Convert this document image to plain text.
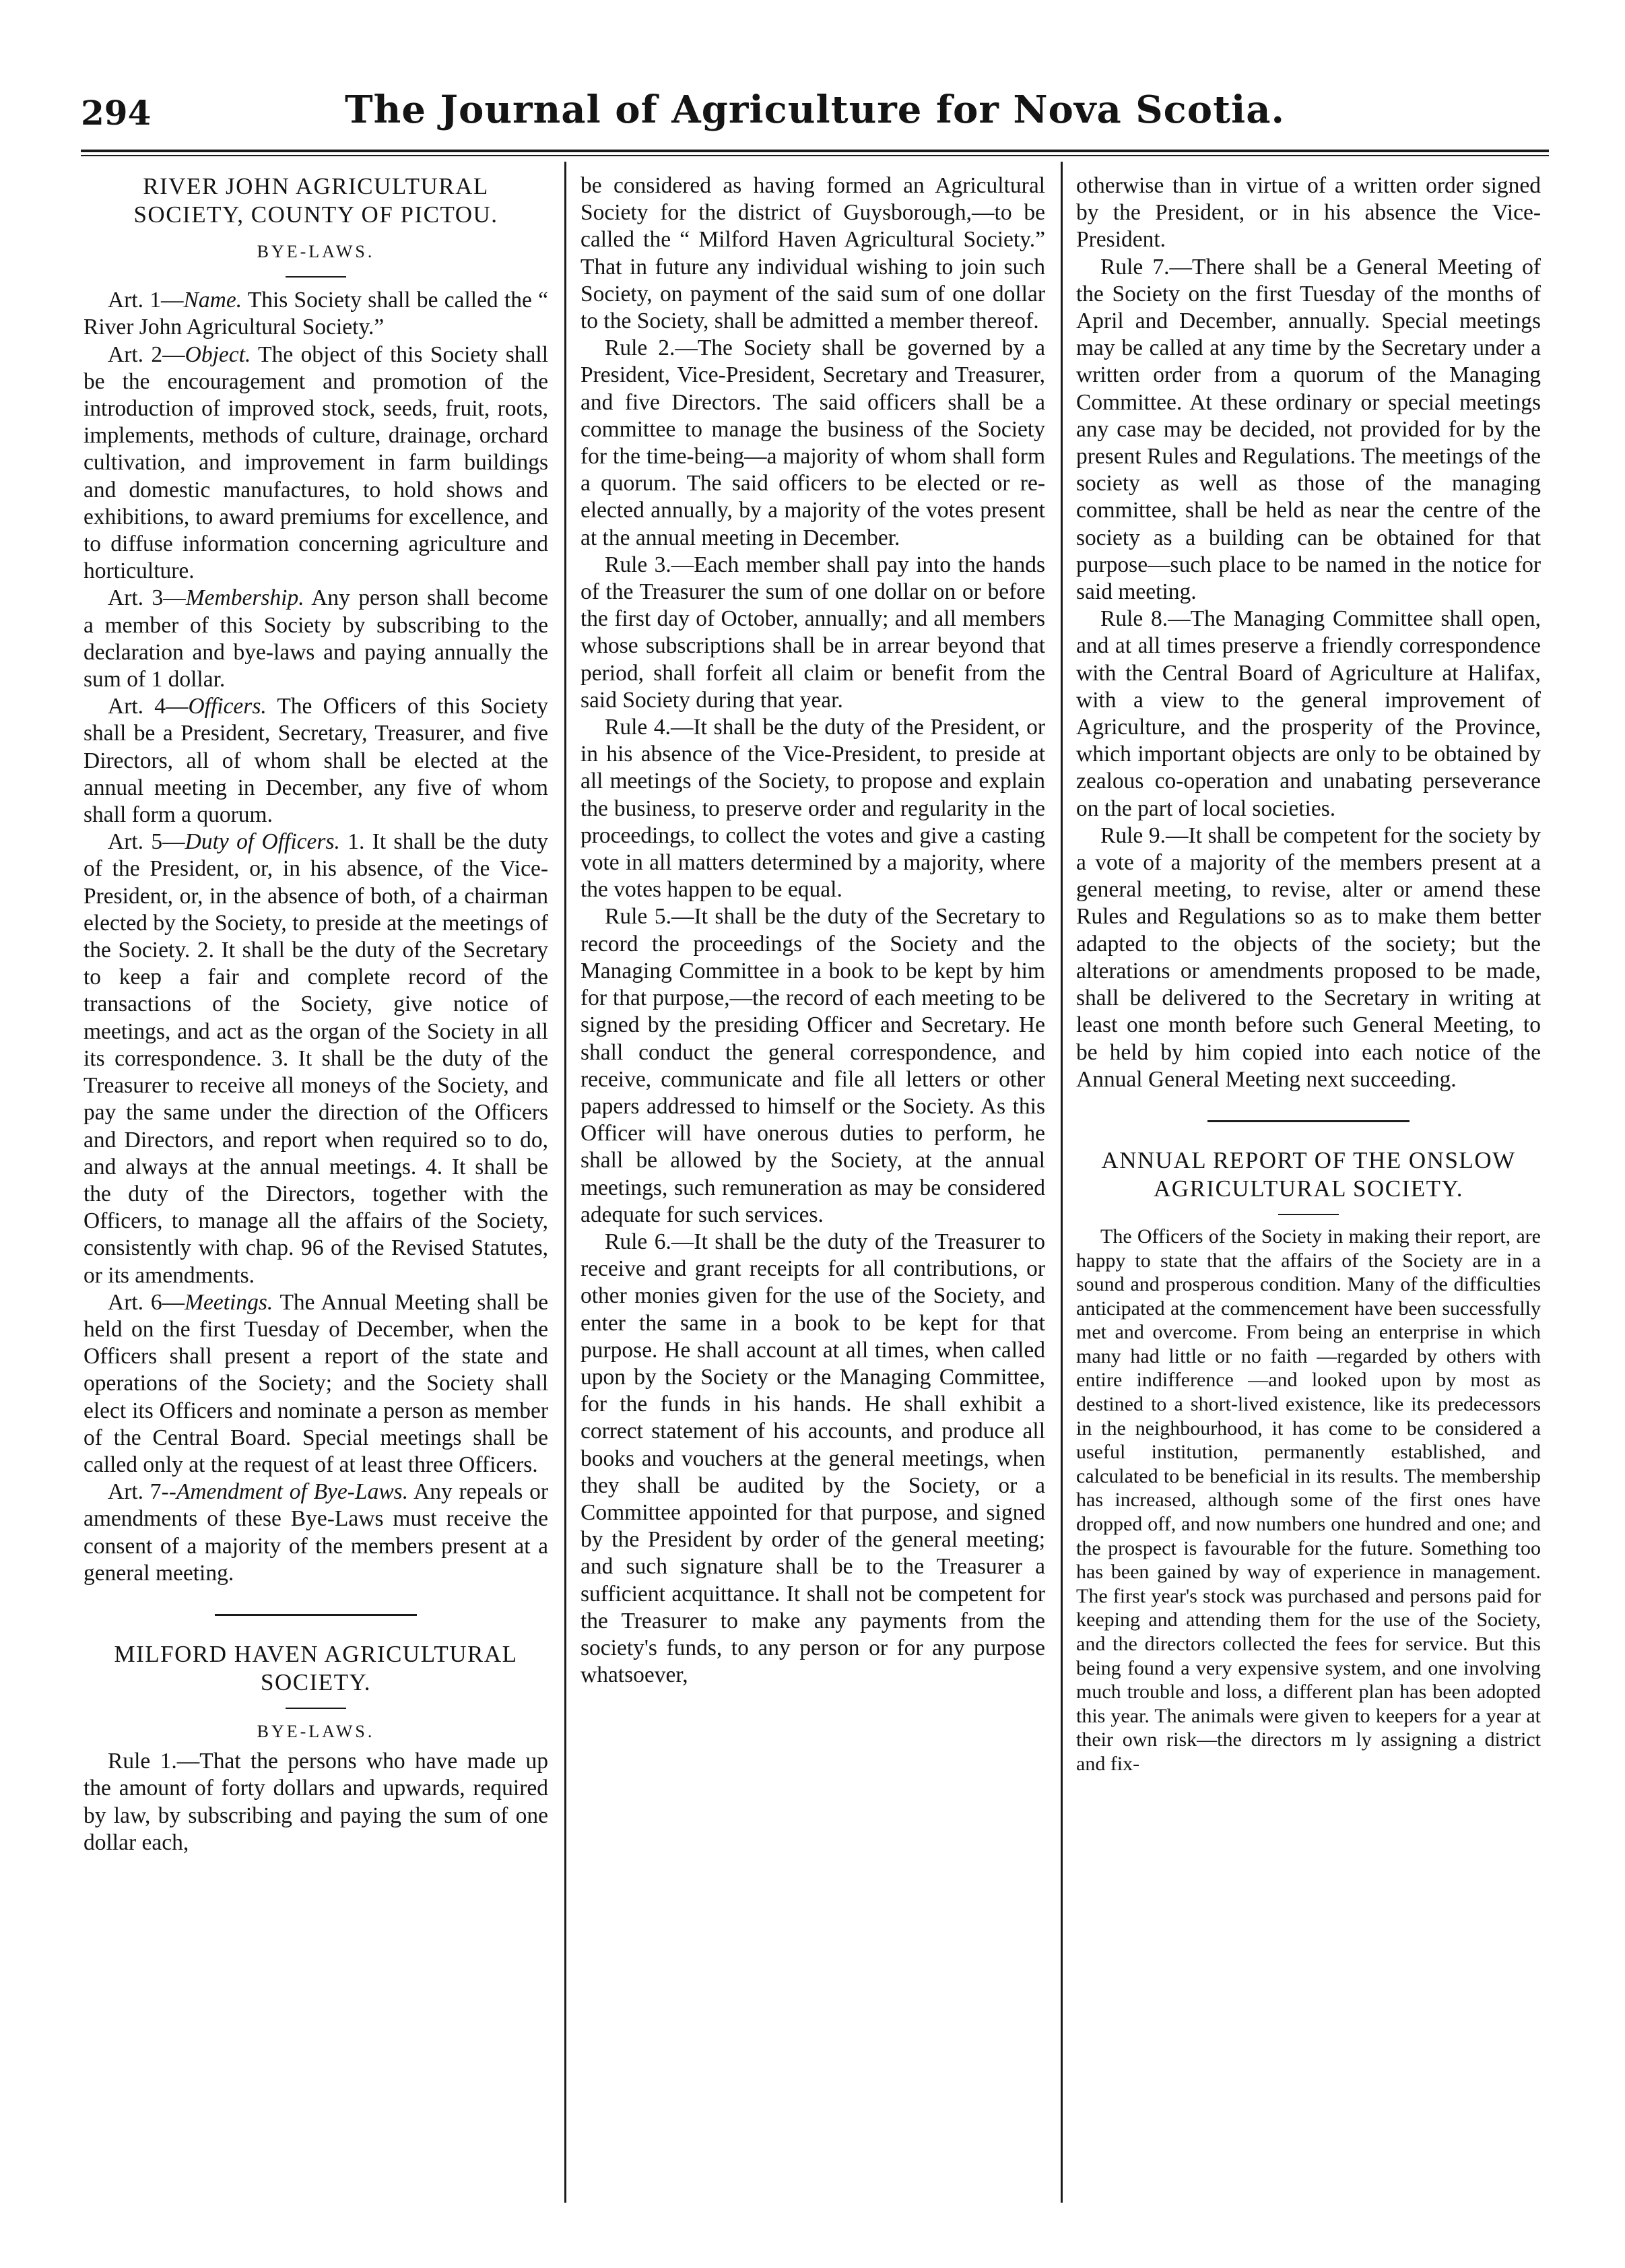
294	The Journal of Agriculture for Nova Scotia.
RIVER JOHN AGRICULTURAL
SOCIETY, COUNTY OF PICTOU.
BYE-LAWS.

Art. 1—Name. This Society shall be called the “ River John Agricultural Society.”

Art. 2—Object. The object of this Society shall be the encouragement and promotion of the introduction of improved stock, seeds, fruit, roots, implements, methods of culture, drainage, orchard cultivation, and improvement in farm buildings and domestic manufactures, to hold shows and exhibitions, to award premiums for excellence, and to diffuse information concerning agriculture and horticulture.

Art. 3—Membership. Any person shall become a member of this Society by subscribing to the declaration and bye-laws and paying annually the sum of 1 dollar.

Art. 4—Officers. The Officers of this Society shall be a President, Secretary, Treasurer, and five Directors, all of whom shall be elected at the annual meeting in December, any five of whom shall form a quorum.

Art. 5—Duty of Officers. 1. It shall be the duty of the President, or, in his absence, of the Vice-President, or, in the absence of both, of a chairman elected by the Society, to preside at the meetings of the Society. 2. It shall be the duty of the Secretary to keep a fair and complete record of the transactions of the Society, give notice of meetings, and act as the organ of the Society in all its correspondence. 3. It shall be the duty of the Treasurer to receive all moneys of the Society, and pay the same under the direction of the Officers and Directors, and report when required so to do, and always at the annual meetings. 4. It shall be the duty of the Directors, together with the Officers, to manage all the affairs of the Society, consistently with chap. 96 of the Revised Statutes, or its amendments.

Art. 6—Meetings. The Annual Meeting shall be held on the first Tuesday of December, when the Officers shall present a report of the state and operations of the Society; and the Society shall elect its Officers and nominate a person as member of the Central Board. Special meetings shall be called only at the request of at least three Officers.

Art. 7--Amendment of Bye-Laws. Any repeals or amendments of these Bye-Laws must receive the consent of a majority of the members present at a general meeting.

MILFORD HAVEN AGRICULTURAL
SOCIETY.
BYE-LAWS.

Rule 1.—That the persons who have made up the amount of forty dollars and upwards, required by law, by subscribing and paying the sum of one dollar each,

be considered as having formed an Agricultural Society for the district of Guysborough,—to be called the “ Milford Haven Agricultural Society.” That in future any individual wishing to join such Society, on payment of the said sum of one dollar to the Society, shall be admitted a member thereof.

Rule 2.—The Society shall be governed by a President, Vice-President, Secretary and Treasurer, and five Directors. The said officers shall be a committee to manage the business of the Society for the time-being—a majority of whom shall form a quorum. The said officers to be elected or re-elected annually, by a majority of the votes present at the annual meeting in December.

Rule 3.—Each member shall pay into the hands of the Treasurer the sum of one dollar on or before the first day of October, annually; and all members whose subscriptions shall be in arrear beyond that period, shall forfeit all claim or benefit from the said Society during that year.

Rule 4.—It shall be the duty of the President, or in his absence of the Vice-President, to preside at all meetings of the Society, to propose and explain the business, to preserve order and regularity in the proceedings, to collect the votes and give a casting vote in all matters determined by a majority, where the votes happen to be equal.

Rule 5.—It shall be the duty of the Secretary to record the proceedings of the Society and the Managing Committee in a book to be kept by him for that purpose,—the record of each meeting to be signed by the presiding Officer and Secretary. He shall conduct the general correspondence, and receive, communicate and file all letters or other papers addressed to himself or the Society. As this Officer will have onerous duties to perform, he shall be allowed by the Society, at the annual meetings, such remuneration as may be considered adequate for such services.

Rule 6.—It shall be the duty of the Treasurer to receive and grant receipts for all contributions, or other monies given for the use of the Society, and enter the same in a book to be kept for that purpose. He shall account at all times, when called upon by the Society or the Managing Committee, for the funds in his hands. He shall exhibit a correct statement of his accounts, and produce all books and vouchers at the general meetings, when they shall be audited by the Society, or a Committee appointed for that purpose, and signed by the President by order of the general meeting; and such signature shall be to the Treasurer a sufficient acquittance. It shall not be competent for the Treasurer to make any payments from the society's funds, to any person or for any purpose whatsoever,

otherwise than in virtue of a written order signed by the President, or in his absence the Vice-President.

Rule 7.—There shall be a General Meeting of the Society on the first Tuesday of the months of April and December, annually. Special meetings may be called at any time by the Secretary under a written order from a quorum of the Managing Committee. At these ordinary or special meetings any case may be decided, not provided for by the present Rules and Regulations. The meetings of the society as well as those of the managing committee, shall be held as near the centre of the society as a building can be obtained for that purpose—such place to be named in the notice for said meeting.

Rule 8.—The Managing Committee shall open, and at all times preserve a friendly correspondence with the Central Board of Agriculture at Halifax, with a view to the general improvement of Agriculture, and the prosperity of the Province, which important objects are only to be obtained by zealous co-operation and unabating perseverance on the part of local societies.

Rule 9.—It shall be competent for the society by a vote of a majority of the members present at a general meeting, to revise, alter or amend these Rules and Regulations so as to make them better adapted to the objects of the society; but the alterations or amendments proposed to be made, shall be delivered to the Secretary in writing at least one month before such General Meeting, to be held by him copied into each notice of the Annual General Meeting next succeeding.

ANNUAL REPORT OF THE ONSLOW
AGRICULTURAL SOCIETY.

The Officers of the Society in making their report, are happy to state that the affairs of the Society are in a sound and prosperous condition. Many of the difficulties anticipated at the commencement have been successfully met and overcome. From being an enterprise in which many had little or no faith —regarded by others with entire indifference —and looked upon by most as destined to a short-lived existence, like its predecessors in the neighbourhood, it has come to be considered a useful institution, permanently established, and calculated to be beneficial in its results. The membership has increased, although some of the first ones have dropped off, and now numbers one hundred and one; and the prospect is favourable for the future. Something too has been gained by way of experience in management. The first year's stock was purchased and persons paid for keeping and attending them for the use of the Society, and the directors collected the fees for service. But this being found a very expensive system, and one involving much trouble and loss, a different plan has been adopted this year. The animals were given to keepers for a year at their own risk—the directors m ly assigning a district and fix-
